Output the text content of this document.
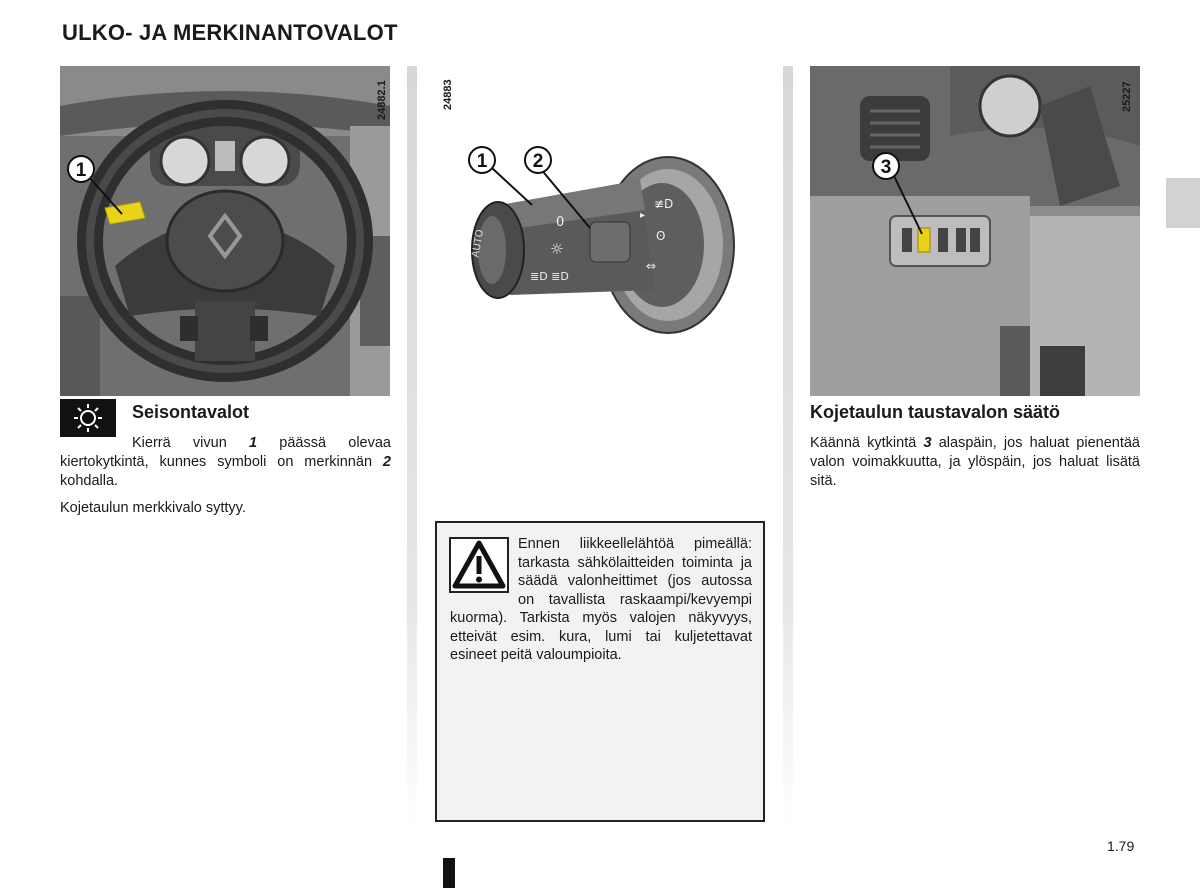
ULKO- JA MERKINANTOVALOT
1
24882.1
0
☼
≣D ≣D
AUTO
▸
≢D
ʘ
⇔
1 2
24883
3
25227
Seisontavalot
Kierrä vivun 1 päässä olevaa kiertokytkintä, kunnes symboli on merkinnän 2 kohdalla.
Kojetaulun merkkivalo syttyy.
Ennen liikkeellelähtöä pimeällä: tarkasta sähkölaitteiden toiminta ja säädä valonheittimet (jos autossa on tavallista raskaampi/kevyempi kuorma). Tarkista myös valojen näkyvyys, etteivät esim. kura, lumi tai kuljetettavat esineet peitä valoumpioita.
Kojetaulun taustavalon säätö
Käännä kytkintä 3 alaspäin, jos haluat pienentää valon voimakkuutta, ja ylöspäin, jos haluat lisätä sitä.
1.79
